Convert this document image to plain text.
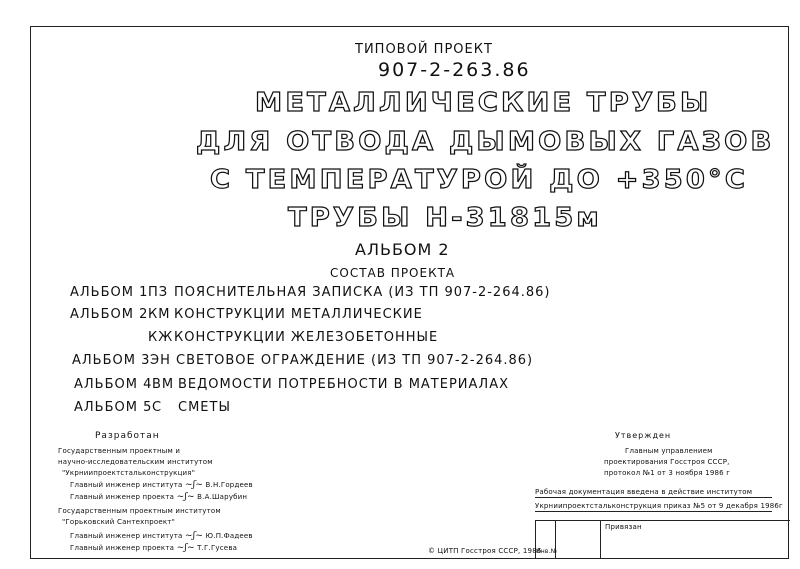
ТИПОВОЙ ПРОЕКТ
907-2-263.86
МЕТАЛЛИЧЕСКИЕ ТРУБЫ
ДЛЯ ОТВОДА ДЫМОВЫХ ГАЗОВ
С ТЕМПЕРАТУРОЙ ДО +350°С
ТРУБЫ Н-31815м
АЛЬБОМ 2
СОСТАВ ПРОЕКТА
АЛЬБОМ 1ПЗ ПОЯСНИТЕЛЬНАЯ ЗАПИСКА (ИЗ ТП 907-2-264.86)
АЛЬБОМ 2КМ КОНСТРУКЦИИ МЕТАЛЛИЧЕСКИЕ
КЖКОНСТРУКЦИИ ЖЕЛЕЗОБЕТОННЫЕ
АЛЬБОМ 3ЭН СВЕТОВОЕ ОГРАЖДЕНИЕ (ИЗ ТП 907-2-264.86)
АЛЬБОМ 4ВМ ВЕДОМОСТИ ПОТРЕБНОСТИ В МАТЕРИАЛАХ
АЛЬБОМ 5С СМЕТЫ
Разработан
Государственным проектным и
научно-исследовательским институтом
"Укрниипроектстальконструкция"
Главный инженер института ~ʃ~ В.Н.Гордеев
Главный инженер проекта ~ʃ~ В.А.Шарубин
Государственным проектным институтом
"Горьковский Сантехпроект"
Главный инженер института ~ʃ~ Ю.П.Фадеев
Главный инженер проекта ~ʃ~ Т.Г.Гусева
Утвержден
Главным управлением
проектирования Госстроя СССР,
протокол №1 от 3 ноября 1986 г
Рабочая документация введена в действие институтом
Укрниипроектстальконструкция приказ №5 от 9 декабря 1986г
Привязан
Инв.№
© ЦИТП Госстроя СССР, 1986
